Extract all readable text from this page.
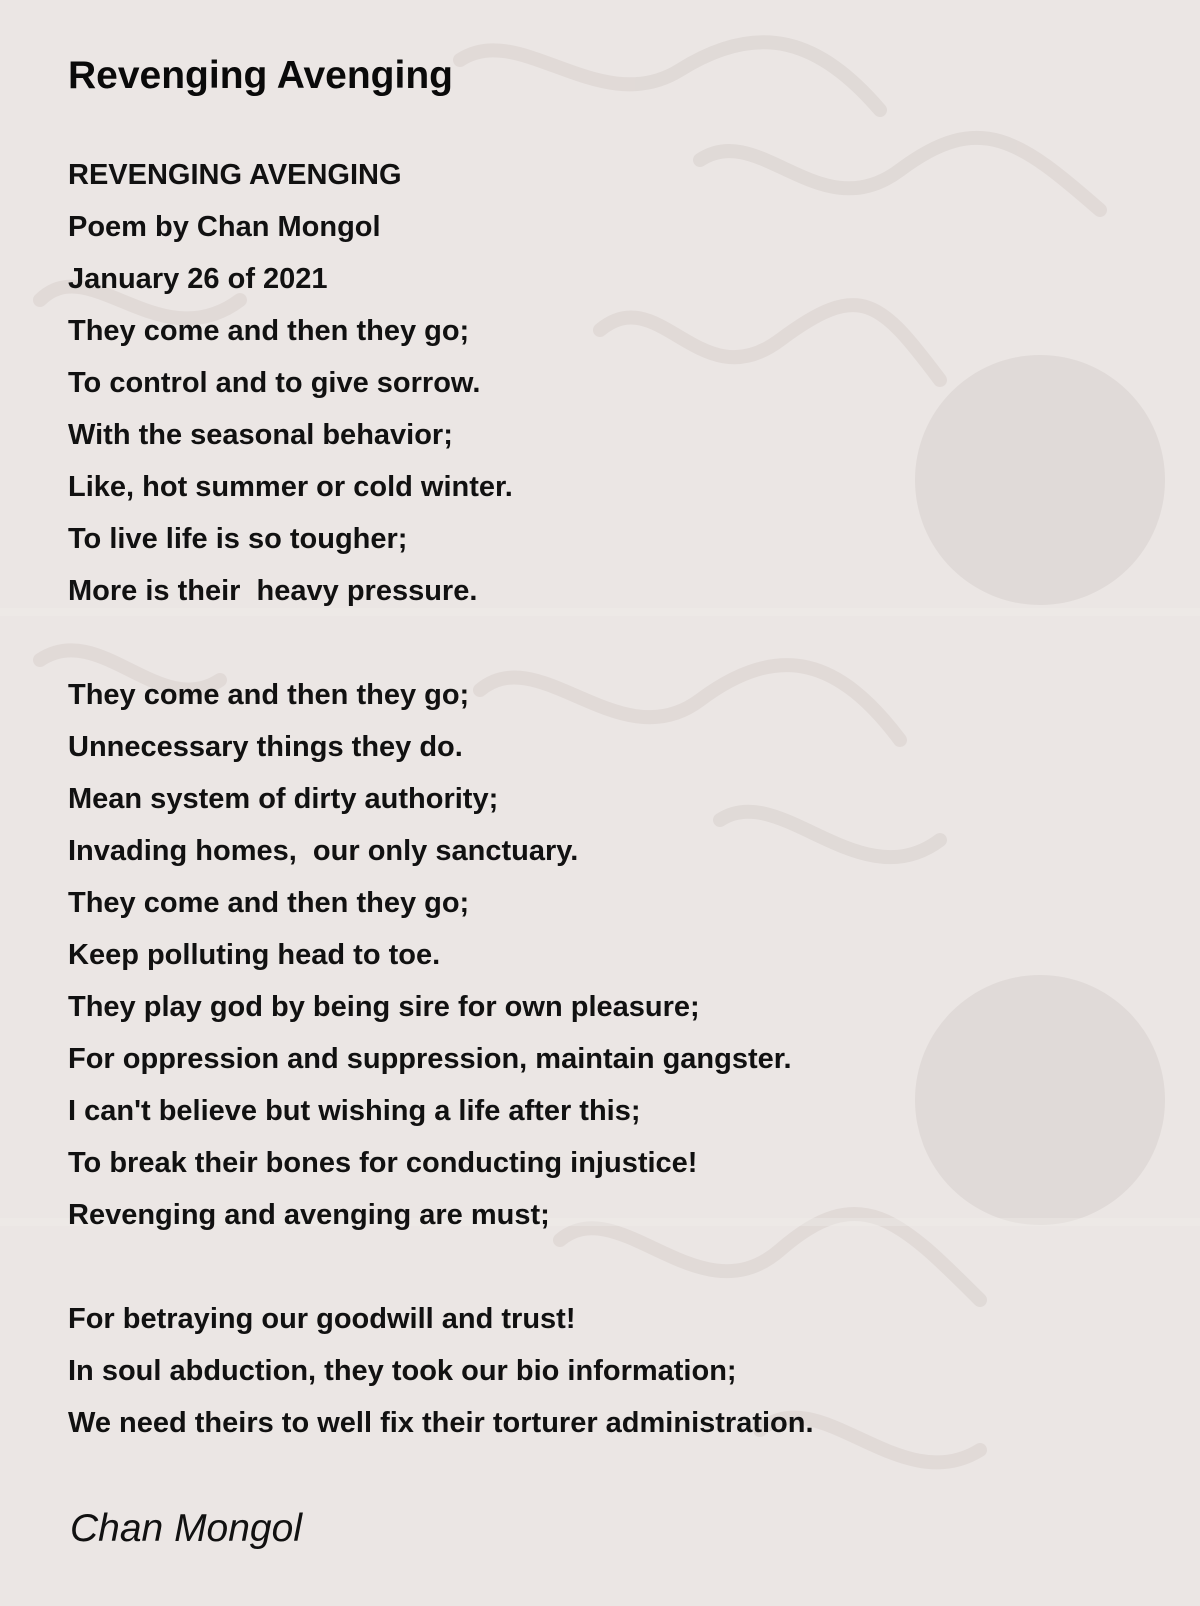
Revenging Avenging
REVENGING AVENGING
Poem by Chan Mongol
January 26 of 2021
They come and then they go;
To control and to give sorrow.
With the seasonal behavior;
Like, hot summer or cold winter.
To live life is so tougher;
More is their  heavy pressure.
They come and then they go;
Unnecessary things they do.
Mean system of dirty authority;
Invading homes,  our only sanctuary.
They come and then they go;
Keep polluting head to toe.
They play god by being sire for own pleasure;
For oppression and suppression, maintain gangster.
I can't believe but wishing a life after this;
To break their bones for conducting injustice!
Revenging and avenging are must;
For betraying our goodwill and trust!
In soul abduction, they took our bio information;
We need theirs to well fix their torturer administration.
Chan Mongol
